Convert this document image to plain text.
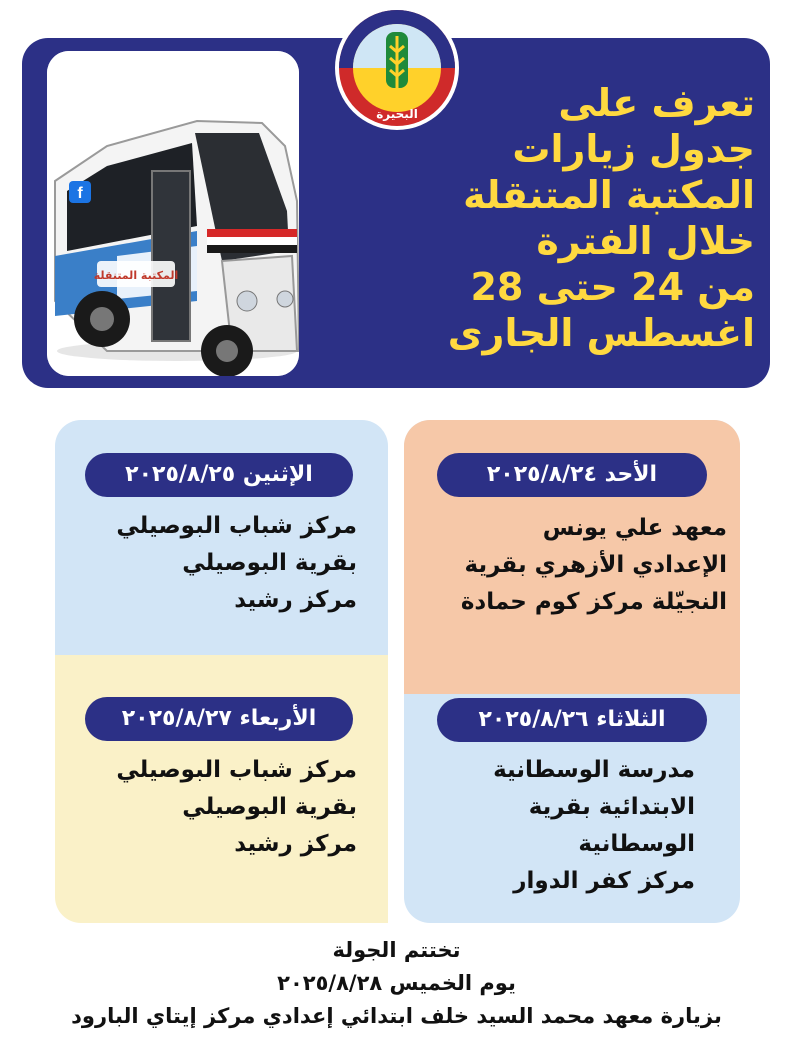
f
المكتبة المتنقلة
البحيرة	تعرف على
جدول زيارات
المكتبة المتنقلة
خلال الفترة
من 24 حتى 28
اغسطس الجارى
الأحد ٢٠٢٥/٨/٢٤
معهد علي يونس
الإعدادي الأزهري بقرية
النجيّلة مركز كوم حمادة
الإثنين ٢٠٢٥/٨/٢٥
مركز شباب البوصيلي
بقرية البوصيلي
مركز رشيد
الثلاثاء ٢٠٢٥/٨/٢٦
مدرسة الوسطانية
الابتدائية بقرية
الوسطانية
مركز كفر الدوار
الأربعاء ٢٠٢٥/٨/٢٧
مركز شباب البوصيلي
بقرية البوصيلي
مركز رشيد
تختتم الجولة
يوم الخميس ٢٠٢٥/٨/٢٨
بزيارة معهد محمد السيد خلف ابتدائي إعدادي مركز إيتاي البارود
